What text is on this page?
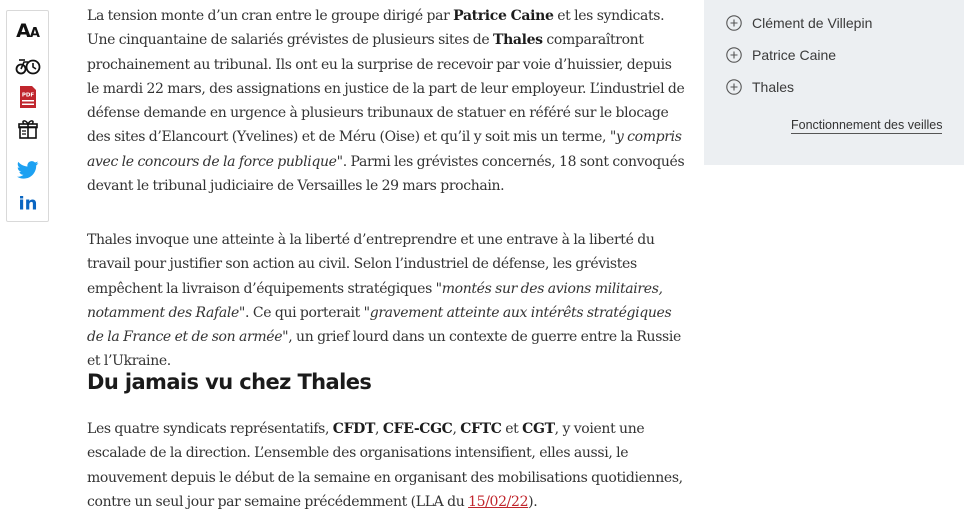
AA
PDF
in

La tension monte d’un cran entre le groupe dirigé par Patrice Caine et les syndicats. Une cinquantaine de salariés grévistes de plusieurs sites de Thales comparaîtront prochainement au tribunal. Ils ont eu la surprise de recevoir par voie d’huissier, depuis le mardi 22 mars, des assignations en justice de la part de leur employeur. L’industriel de défense demande en urgence à plusieurs tribunaux de statuer en référé sur le blocage des sites d’Elancourt (Yvelines) et de Méru (Oise) et qu’il y soit mis un terme, "y compris avec le concours de la force publique". Parmi les grévistes concernés, 18 sont convoqués devant le tribunal judiciaire de Versailles le 29 mars prochain.

Thales invoque une atteinte à la liberté d’entreprendre et une entrave à la liberté du travail pour justifier son action au civil. Selon l’industriel de défense, les grévistes empêchent la livraison d’équipements stratégiques "montés sur des avions militaires, notamment des Rafale". Ce qui porterait "gravement atteinte aux intérêts stratégiques de la France et de son armée", un grief lourd dans un contexte de guerre entre la Russie et l’Ukraine.

Du jamais vu chez Thales

Les quatre syndicats représentatifs, CFDT, CFE-CGC, CFTC et CGT, y voient une escalade de la direction. L’ensemble des organisations intensifient, elles aussi, le mouvement depuis le début de la semaine en organisant des mobilisations quotidiennes, contre un seul jour par semaine précédemment (LLA du 15/02/22).

Clément de Villepin
Patrice Caine
Thales
Fonctionnement des veilles
